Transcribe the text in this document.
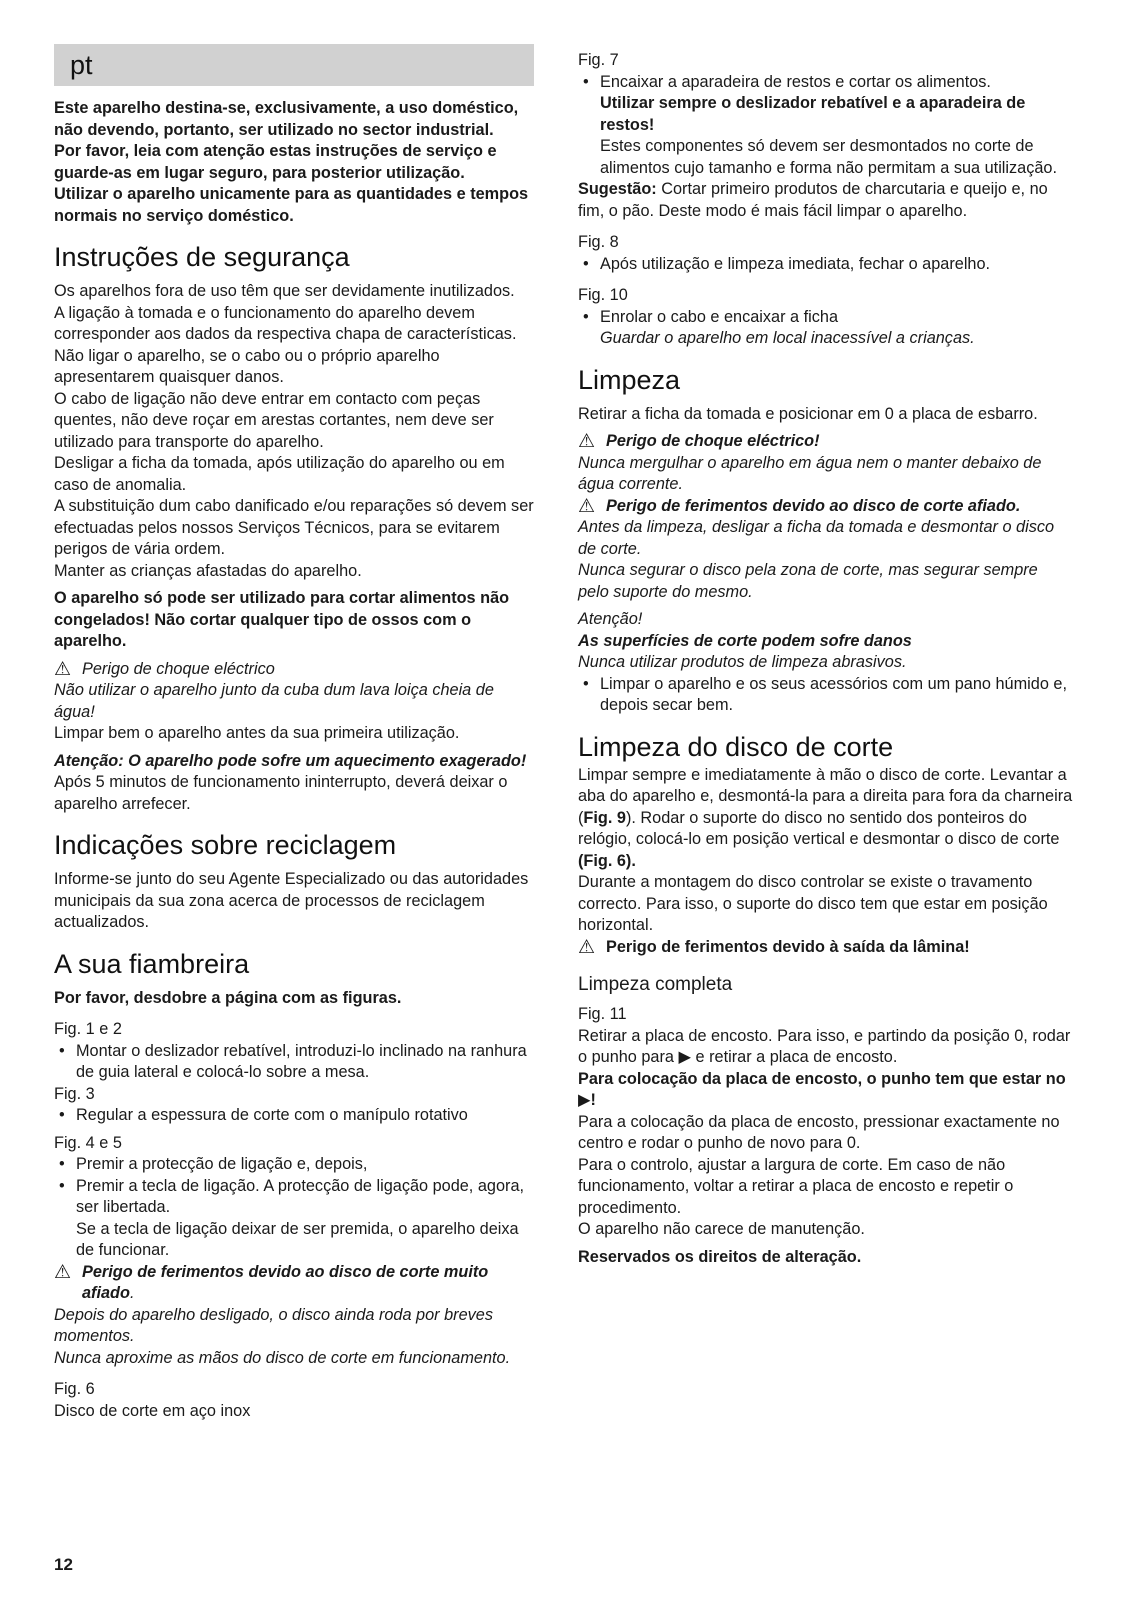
pt

Este aparelho destina-se, exclusivamente, a uso doméstico, não devendo, portanto, ser utilizado no sector industrial.

Por favor, leia com atenção estas instruções de serviço e guarde-as em lugar seguro, para posterior utilização.

Utilizar o aparelho unicamente para as quantidades e tempos normais no serviço doméstico.

Instruções de segurança

Os aparelhos fora de uso têm que ser devidamente inutilizados.

A ligação à tomada e o funcionamento do aparelho devem corresponder aos dados da respectiva chapa de características.

Não ligar o aparelho, se o cabo ou o próprio aparelho apresentarem quaisquer danos.

O cabo de ligação não deve entrar em contacto com peças quentes, não deve roçar em arestas cortantes, nem deve ser utilizado para transporte do aparelho.

Desligar a ficha da tomada, após utilização do aparelho ou em caso de anomalia.

A substituição dum cabo danificado e/ou reparações só devem ser efectuadas pelos nossos Serviços Técnicos, para se evitarem perigos de vária ordem.

Manter as crianças afastadas do aparelho.

O aparelho só pode ser utilizado para cortar alimentos não congelados! Não cortar qualquer tipo de ossos com o aparelho.

⚠ Perigo de choque eléctrico

Não utilizar o aparelho junto da cuba dum lava loiça cheia de água!

Limpar bem o aparelho antes da sua primeira utilização.

Atenção: O aparelho pode sofre um aquecimento exagerado!

Após 5 minutos de funcionamento ininterrupto, deverá deixar o aparelho arrefecer.

Indicações sobre reciclagem

Informe-se junto do seu Agente Especializado ou das autoridades municipais da sua zona acerca de processos de reciclagem actualizados.

A sua fiambreira

Por favor, desdobre a página com as figuras.

Fig. 1 e 2

• Montar o deslizador rebatível, introduzi-lo inclinado na ranhura de guia lateral e colocá-lo sobre a mesa.

Fig. 3

• Regular a espessura de corte com o manípulo rotativo

Fig. 4 e 5

• Premir a protecção de ligação e, depois,

• Premir a tecla de ligação. A protecção de ligação pode, agora, ser libertada.

Se a tecla de ligação deixar de ser premida, o aparelho deixa de funcionar.

⚠ Perigo de ferimentos devido ao disco de corte muito afiado.

Depois do aparelho desligado, o disco ainda roda por breves momentos.

Nunca aproxime as mãos do disco de corte em funcionamento.

Fig. 6

Disco de corte em aço inox

Fig. 7

• Encaixar a aparadeira de restos e cortar os alimentos.

Utilizar sempre o deslizador rebatível e a aparadeira de restos!

Estes componentes só devem ser desmontados no corte de alimentos cujo tamanho e forma não permitam a sua utilização.

Sugestão: Cortar primeiro produtos de charcutaria e queijo e, no fim, o pão. Deste modo é mais fácil limpar o aparelho.

Fig. 8

• Após utilização e limpeza imediata, fechar o aparelho.

Fig. 10

• Enrolar o cabo e encaixar a ficha

Guardar o aparelho em local inacessível a crianças.

Limpeza

Retirar a ficha da tomada e posicionar em 0 a placa de esbarro.

⚠ Perigo de choque eléctrico!

Nunca mergulhar o aparelho em água nem o manter debaixo de água corrente.

⚠ Perigo de ferimentos devido ao disco de corte afiado.

Antes da limpeza, desligar a ficha da tomada e desmontar o disco de corte.

Nunca segurar o disco pela zona de corte, mas segurar sempre pelo suporte do mesmo.

Atenção!

As superfícies de corte podem sofre danos

Nunca utilizar produtos de limpeza abrasivos.

• Limpar o aparelho e os seus acessórios com um pano húmido e, depois secar bem.

Limpeza do disco de corte

Limpar sempre e imediatamente à mão o disco de corte. Levantar a aba do aparelho e, desmontá-la para a direita para fora da charneira (Fig. 9). Rodar o suporte do disco no sentido dos ponteiros do relógio, colocá-lo em posição vertical e desmontar o disco de corte (Fig. 6).

Durante a montagem do disco controlar se existe o travamento correcto. Para isso, o suporte do disco tem que estar em posição horizontal.

⚠ Perigo de ferimentos devido à saída da lâmina!

Limpeza completa

Fig. 11

Retirar a placa de encosto. Para isso, e partindo da posição 0, rodar o punho para ▶ e retirar a placa de encosto.

Para colocação da placa de encosto, o punho tem que estar no ▶!

Para a colocação da placa de encosto, pressionar exactamente no centro e rodar o punho de novo para 0.

Para o controlo, ajustar a largura de corte. Em caso de não funcionamento, voltar a retirar a placa de encosto e repetir o procedimento.

O aparelho não carece de manutenção.

Reservados os direitos de alteração.

12
